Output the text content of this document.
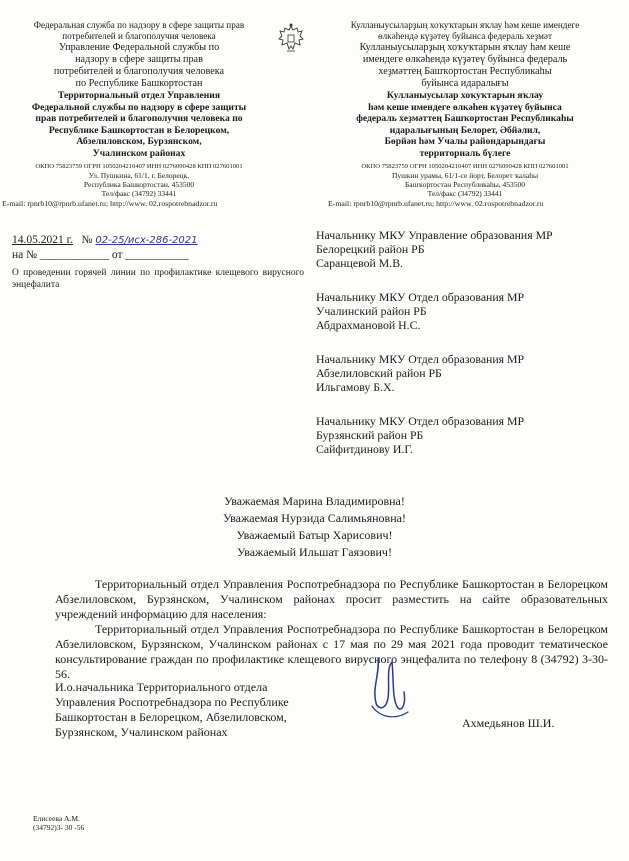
Федеральная служба по надзору в сфере защиты прав
потребителей и благополучия человека
Управление Федеральной службы по
надзору в сфере защиты прав
потребителей и благополучия человека
по Республике Башкортостан
Территориальный отдел Управления
Федеральной службы по надзору в сфере защиты
прав потребителей и благополучия человека по
Республике Башкортостан в Белорецком,
Абзелиловском, Бурзянском,
Учалинском районах
ОКПО 75823759 ОГРН 1050204210407 ИНН 0276090428 КПП 027601001
Ул. Пушкина, 61/1, г. Белорецк,
Республика Башкортостан, 453500
Тел/факс (34792) 33441
E-mail: rpnrb10@rpnrb.ufanet.ru; http://www. 02.rospotrebnadzor.ru
Кулланыусыларҙың хоҡуҡтарын яҡлау һәм кеше имендеге
өлкәһендә күҙәтеү буйынса федераль хеҙмәт
Кулланыусыларҙың хоҡуҡтарын яҡлау һәм кеше
имендеге өлкәһендә күҙәтеү буйынса федераль
хеҙмәттең Башҡортостан Республикаһы
буйынса идаралығы
Кулланыусылар хоҡуҡтарын яҡлау
һәм кеше имендеге өлкәһен күҙәтеү буйынса
федераль хеҙмәттең Башҡортостан Республикаһы
идаралығының Белорет, Әбйәлил,
Бөрйән һәм Учалы райондарындағы
территориаль бүлеге
ОКПО 75823759 ОГРН 1050204210407 ИНН 0276090428 КПП 027601001
Пушкин урамы, 61/1-се йорт, Белорет ҡалаһы
Башҡортостан Республикаһы, 453500
Тел/факс (34792) 33441
E-mail: rpnrb10@rpnrb.ufanet.ru; http://www. 02.rospotrebnadzor.ru
14.05.2021 г. № 02-25/исх-286-2021
на № ____________ от ___________
О проведении горячей линии по профилактике клещевого вирусного энцефалита
Начальнику МКУ Управление образования МР
Белорецкий район РБ
Саранцевой М.В.
Начальнику МКУ Отдел образования МР
Учалинский район РБ
Абдрахмановой Н.С.
Начальнику МКУ Отдел образования МР
Абзелиловский район РБ
Ильгамову Б.Х.
Начальнику МКУ Отдел образования МР
Бурзянский район РБ
Сайфитдинову И.Г.
Уважаемая Марина Владимировна!
Уважаемая Нурзида Салимьяновна!
Уважаемый Батыр Харисович!
Уважаемый Ильшат Гаязович!

Территориальный отдел Управления Роспотребнадзора по Республике Башкортостан в Белорецком Абзелиловском, Бурзянском, Учалинском районах просит разместить на сайте образовательных учреждений информацию для населения:

Территориальный отдел Управления Роспотребнадзора по Республике Башкортостан в Белорецком Абзелиловском, Бурзянском, Учалинском районах с 17 мая по 29 мая 2021 года проводит тематическое консультирование граждан по профилактике клещевого вирусного энцефалита по телефону 8 (34792) 3-30-56.

И.о.начальника Территориального отдела
Управления Роспотребнадзора по Республике
Башкортостан в Белорецком, Абзелиловском,
Бурзянском, Учалинском районах
Ахмедьянов Ш.И.
Елисеева А.М.
(34792)3- 30 -56
